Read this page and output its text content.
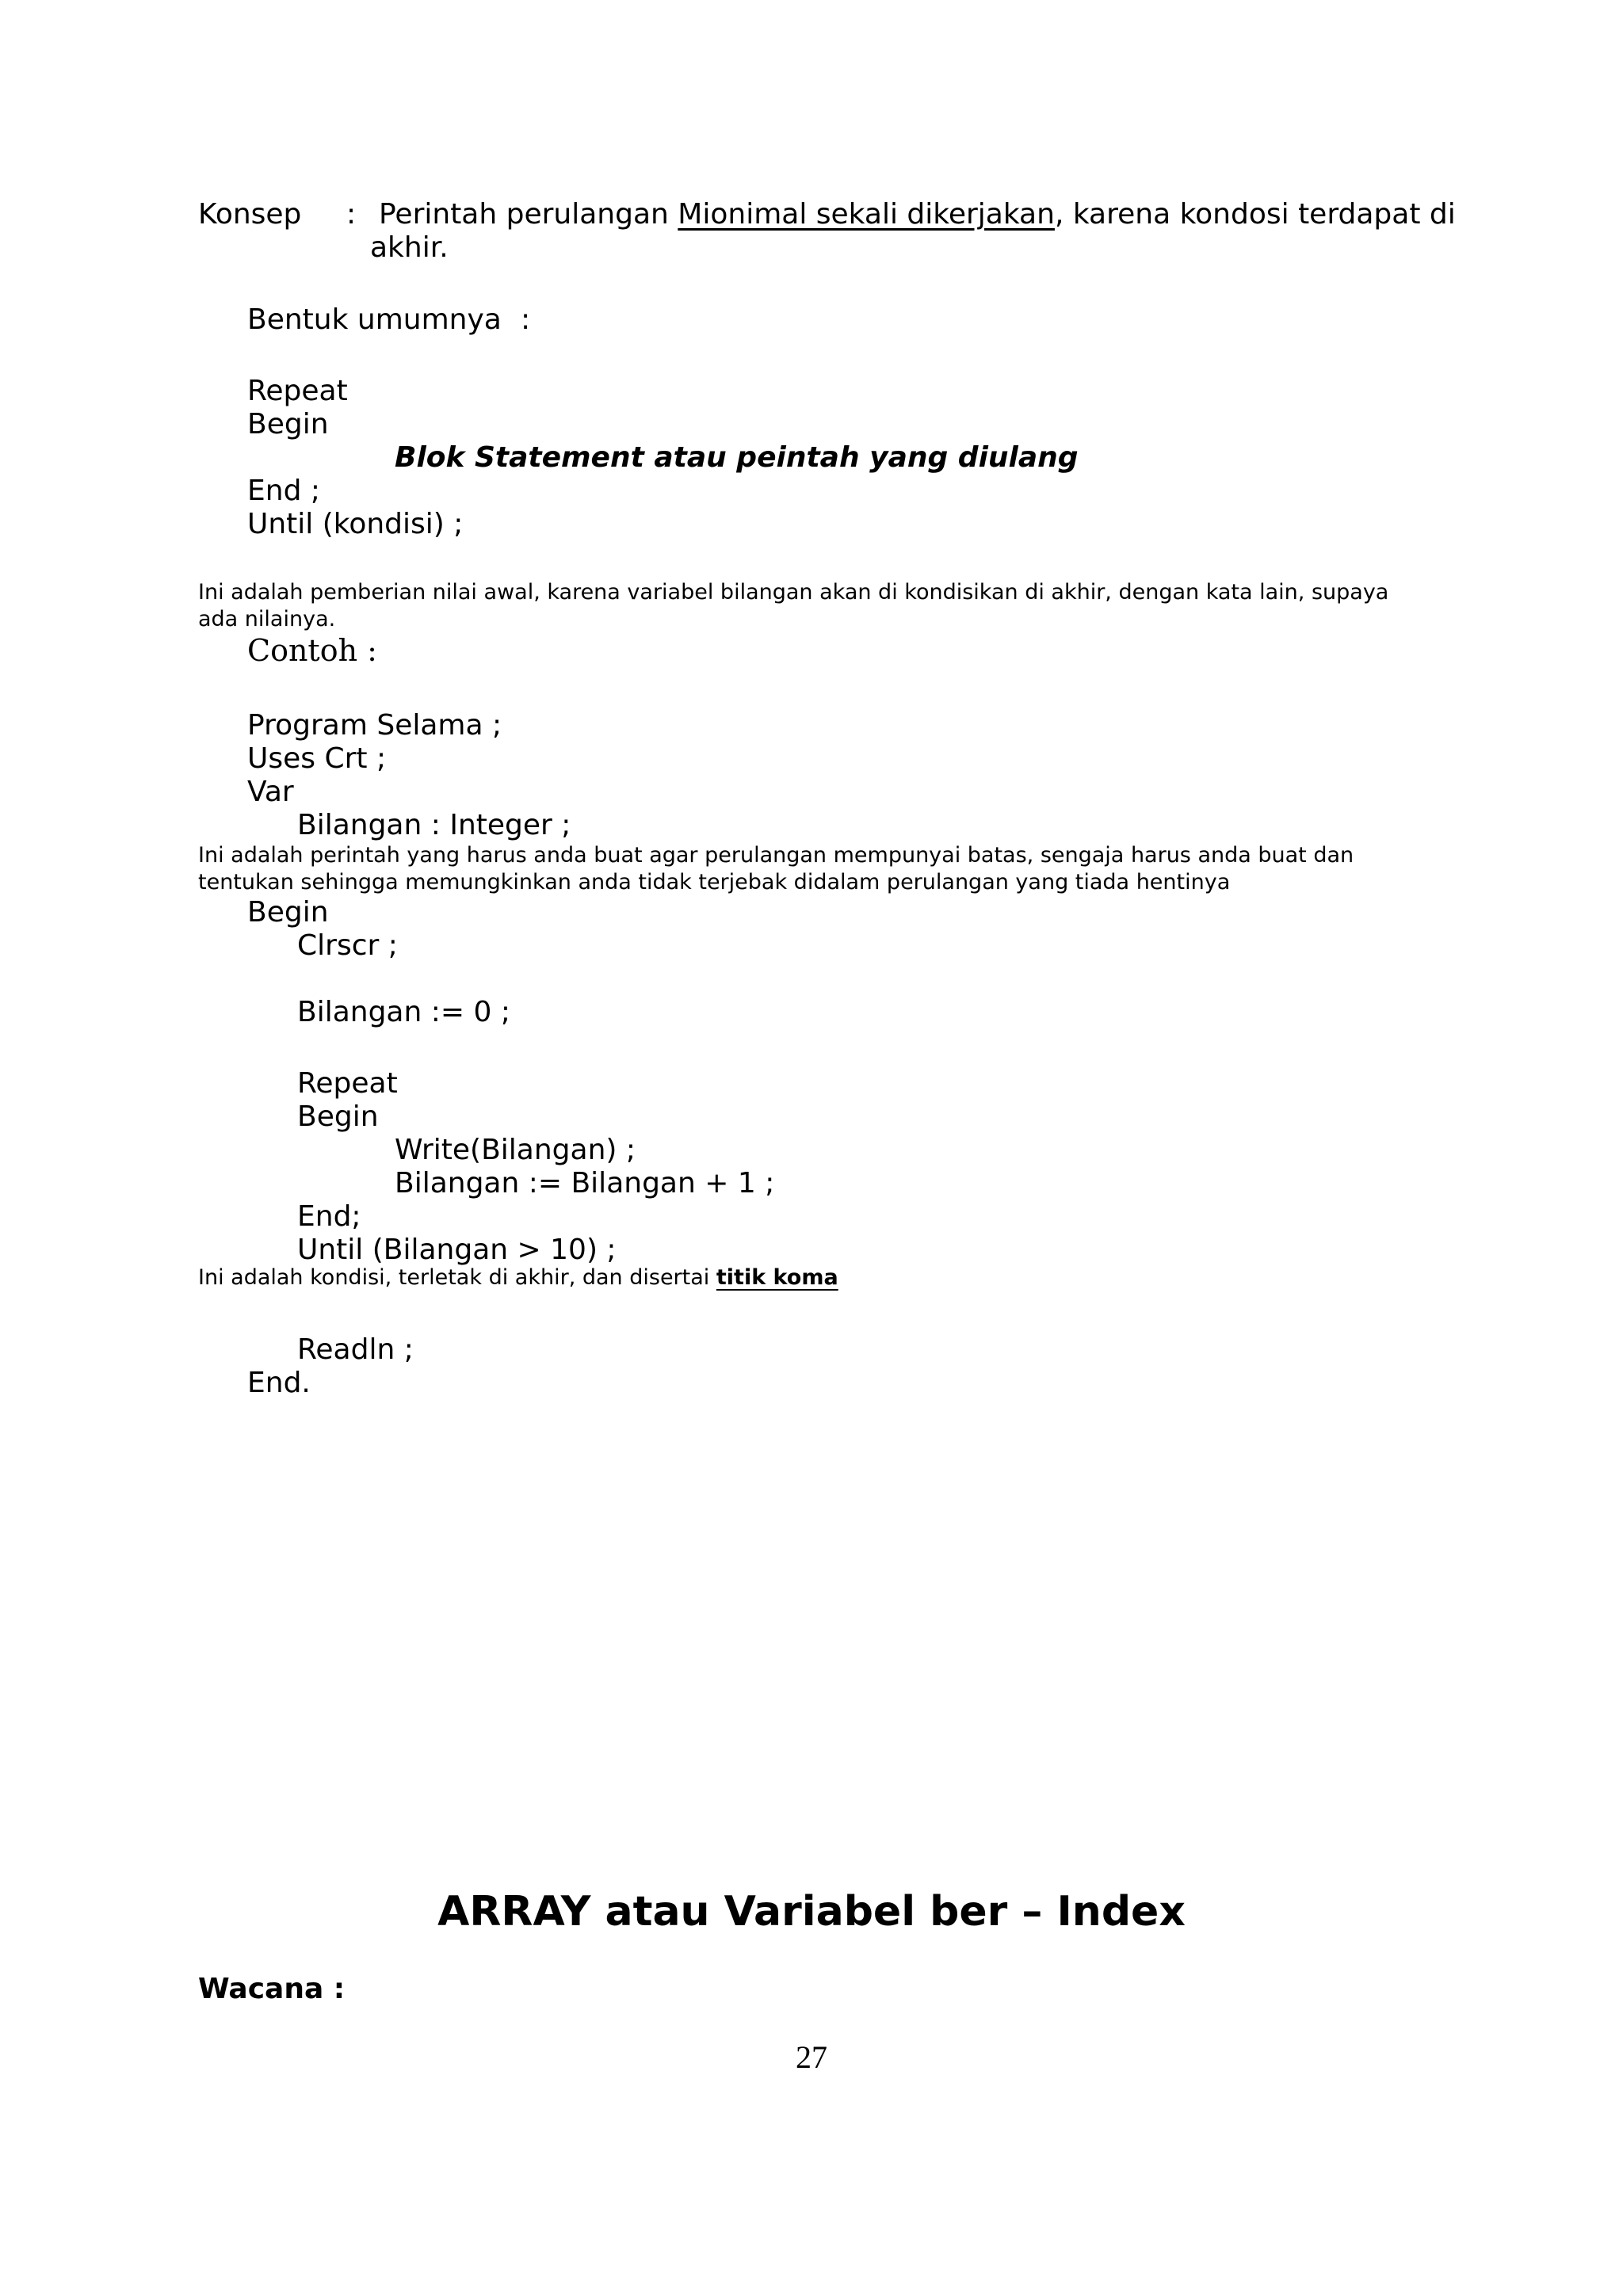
Konsep : Perintah perulangan Mionimal sekali dikerjakan, karena kondosi terdapat di
akhir.
Bentuk umumnya :
Repeat
Begin
Blok Statement atau peintah yang diulang
End ;
Until (kondisi) ;
Ini adalah pemberian nilai awal, karena variabel bilangan akan di kondisikan di akhir, dengan kata lain, supaya
ada nilainya.
Contoh :
Program Selama ;
Uses Crt ;
Var
Bilangan : Integer ;
Ini adalah perintah yang harus anda buat agar perulangan mempunyai batas, sengaja harus anda buat dan
tentukan sehingga memungkinkan anda tidak terjebak didalam perulangan yang tiada hentinya
Begin
Clrscr ;
Bilangan := 0 ;
Repeat
Begin
Write(Bilangan) ;
Bilangan := Bilangan + 1 ;
End;
Until (Bilangan > 10) ;
Ini adalah kondisi, terletak di akhir, dan disertai titik koma
Readln ;
End.
ARRAY atau Variabel ber – Index
Wacana :
27
